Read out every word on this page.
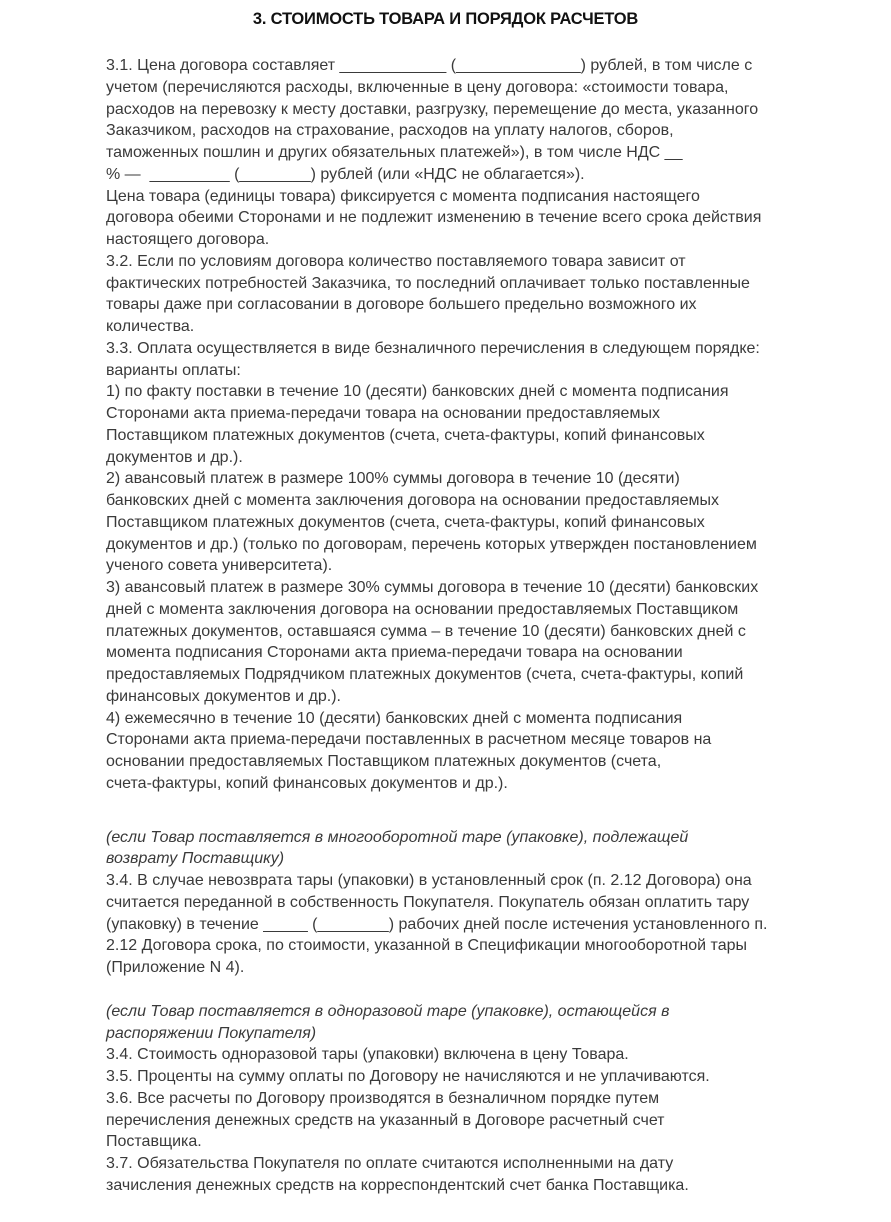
3. СТОИМОСТЬ ТОВАРА И ПОРЯДОК РАСЧЕТОВ
3.1. Цена договора составляет ____________ (______________) рублей, в том числе с
учетом (перечисляются расходы, включенные в цену договора: «стоимости товара,
расходов на перевозку к месту доставки, разгрузку, перемещение до места, указанного
Заказчиком, расходов на страхование, расходов на уплату налогов, сборов,
таможенных пошлин и других обязательных платежей»), в том числе НДС __
% —  _________ (________) рублей (или «НДС не облагается»).
Цена товара (единицы товара) фиксируется с момента подписания настоящего
договора обеими Сторонами и не подлежит изменению в течение всего срока действия
настоящего договора.
3.2. Если по условиям договора количество поставляемого товара зависит от
фактических потребностей Заказчика, то последний оплачивает только поставленные
товары даже при согласовании в договоре большего предельно возможного их
количества.
3.3. Оплата осуществляется в виде безналичного перечисления в следующем порядке:
варианты оплаты:
1) по факту поставки в течение 10 (десяти) банковских дней с момента подписания
Сторонами акта приема-передачи товара на основании предоставляемых
Поставщиком платежных документов (счета, счета-фактуры, копий финансовых
документов и др.).
2) авансовый платеж в размере 100% суммы договора в течение 10 (десяти)
банковских дней с момента заключения договора на основании предоставляемых
Поставщиком платежных документов (счета, счета-фактуры, копий финансовых
документов и др.) (только по договорам, перечень которых утвержден постановлением
ученого совета университета).
3) авансовый платеж в размере 30% суммы договора в течение 10 (десяти) банковских
дней с момента заключения договора на основании предоставляемых Поставщиком
платежных документов, оставшаяся сумма – в течение 10 (десяти) банковских дней с
момента подписания Сторонами акта приема-передачи товара на основании
предоставляемых Подрядчиком платежных документов (счета, счета-фактуры, копий
финансовых документов и др.).
4) ежемесячно в течение 10 (десяти) банковских дней с момента подписания
Сторонами акта приема-передачи поставленных в расчетном месяце товаров на
основании предоставляемых Поставщиком платежных документов (счета,
счета-фактуры, копий финансовых документов и др.).
(если Товар поставляется в многооборотной таре (упаковке), подлежащей
возврату Поставщику)
3.4. В случае невозврата тары (упаковки) в установленный срок (п. 2.12 Договора) она
считается переданной в собственность Покупателя. Покупатель обязан оплатить тару
(упаковку) в течение _____ (________) рабочих дней после истечения установленного п.
2.12 Договора срока, по стоимости, указанной в Спецификации многооборотной тары
(Приложение N 4).
(если Товар поставляется в одноразовой таре (упаковке), остающейся в
распоряжении Покупателя)
3.4. Стоимость одноразовой тары (упаковки) включена в цену Товара.
3.5. Проценты на сумму оплаты по Договору не начисляются и не уплачиваются.
3.6. Все расчеты по Договору производятся в безналичном порядке путем
перечисления денежных средств на указанный в Договоре расчетный счет
Поставщика.
3.7. Обязательства Покупателя по оплате считаются исполненными на дату
зачисления денежных средств на корреспондентский счет банка Поставщика.
